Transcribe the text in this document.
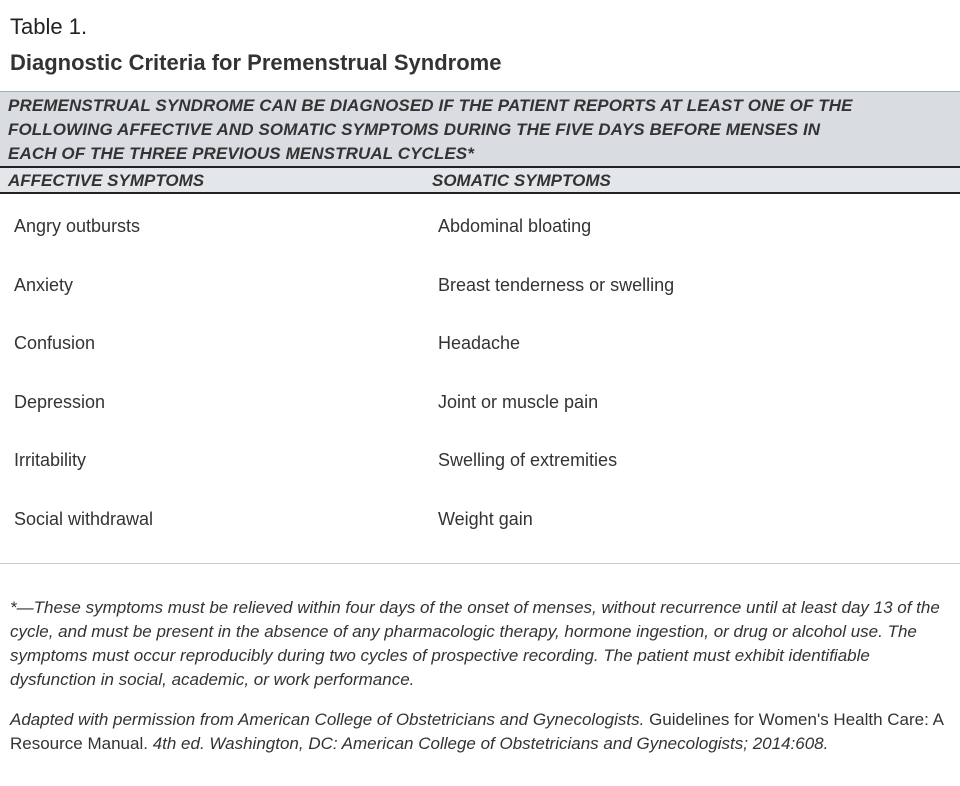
Table 1.
Diagnostic Criteria for Premenstrual Syndrome

PREMENSTRUAL SYNDROME CAN BE DIAGNOSED IF THE PATIENT REPORTS AT LEAST ONE OF THE

FOLLOWING AFFECTIVE AND SOMATIC SYMPTOMS DURING THE FIVE DAYS BEFORE MENSES IN

EACH OF THE THREE PREVIOUS MENSTRUAL CYCLES*

AFFECTIVE SYMPTOMS	SOMATIC SYMPTOMS
Angry outbursts	Abdominal bloating
Anxiety	Breast tenderness or swelling
Confusion	Headache
Depression	Joint or muscle pain
Irritability	Swelling of extremities
Social withdrawal	Weight gain

*—These symptoms must be relieved within four days of the onset of menses, without recurrence until at least day 13 of the cycle, and must be present in the absence of any pharmacologic therapy, hormone ingestion, or drug or alcohol use. The symptoms must occur reproducibly during two cycles of prospective recording. The patient must exhibit identifiable dysfunction in social, academic, or work performance.

Adapted with permission from American College of Obstetricians and Gynecologists. Guidelines for Women's Health Care: A Resource Manual. 4th ed. Washington, DC: American College of Obstetricians and Gynecologists; 2014:608.
